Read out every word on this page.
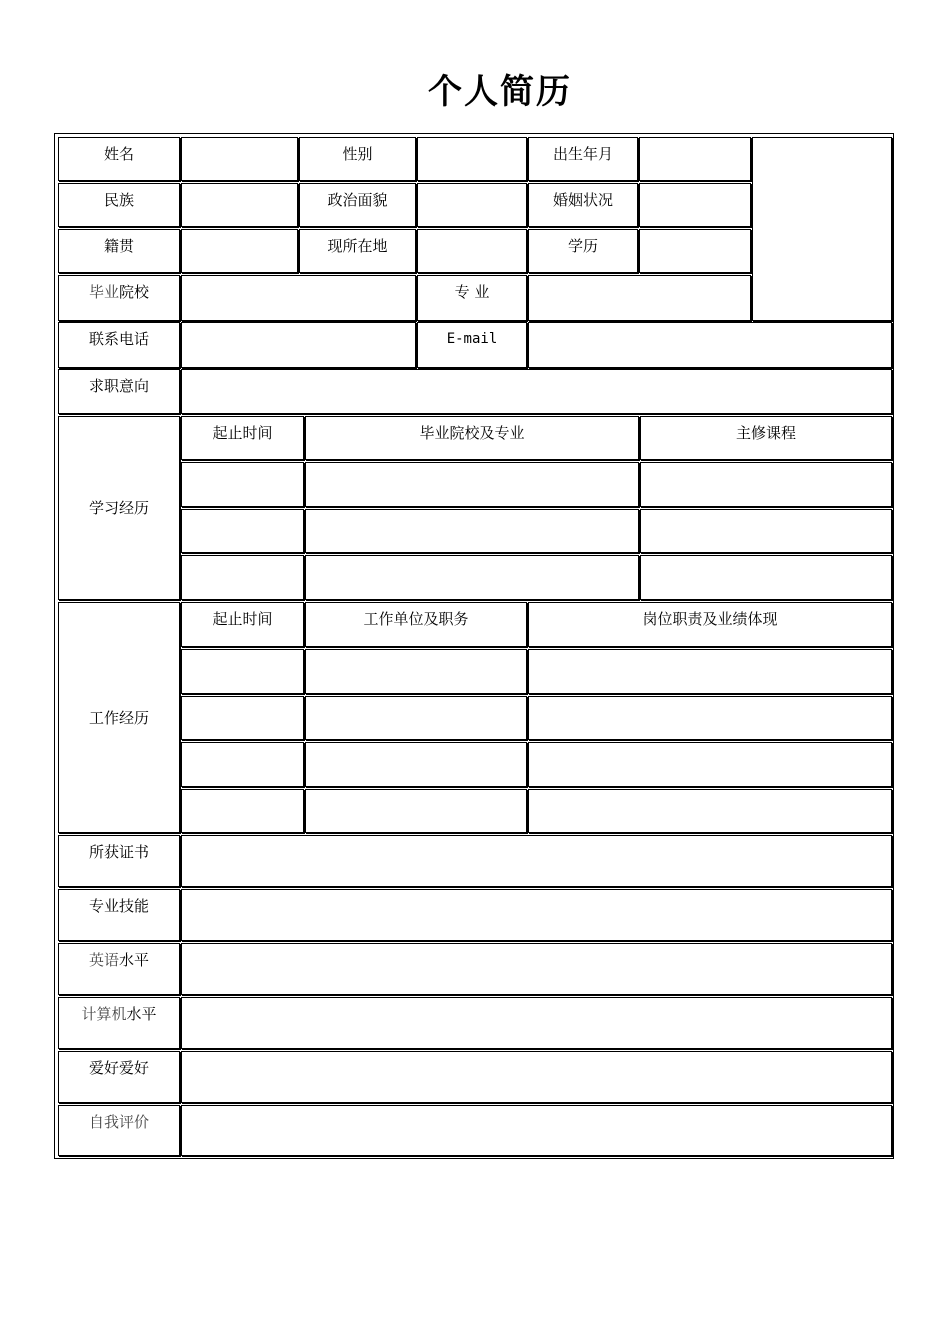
个人简历
姓名	性别	出生年月
民族	政治面貌	婚姻状况
籍贯	现所在地	学历
毕业院校	专 业
联系电话	E-mail
求职意向
学习经历
起止时间	毕业院校及专业	主修课程
工作经历
起止时间	工作单位及职务	岗位职责及业绩体现
所获证书
专业技能
英语水平
计算机水平
爱好爱好
自我评价
